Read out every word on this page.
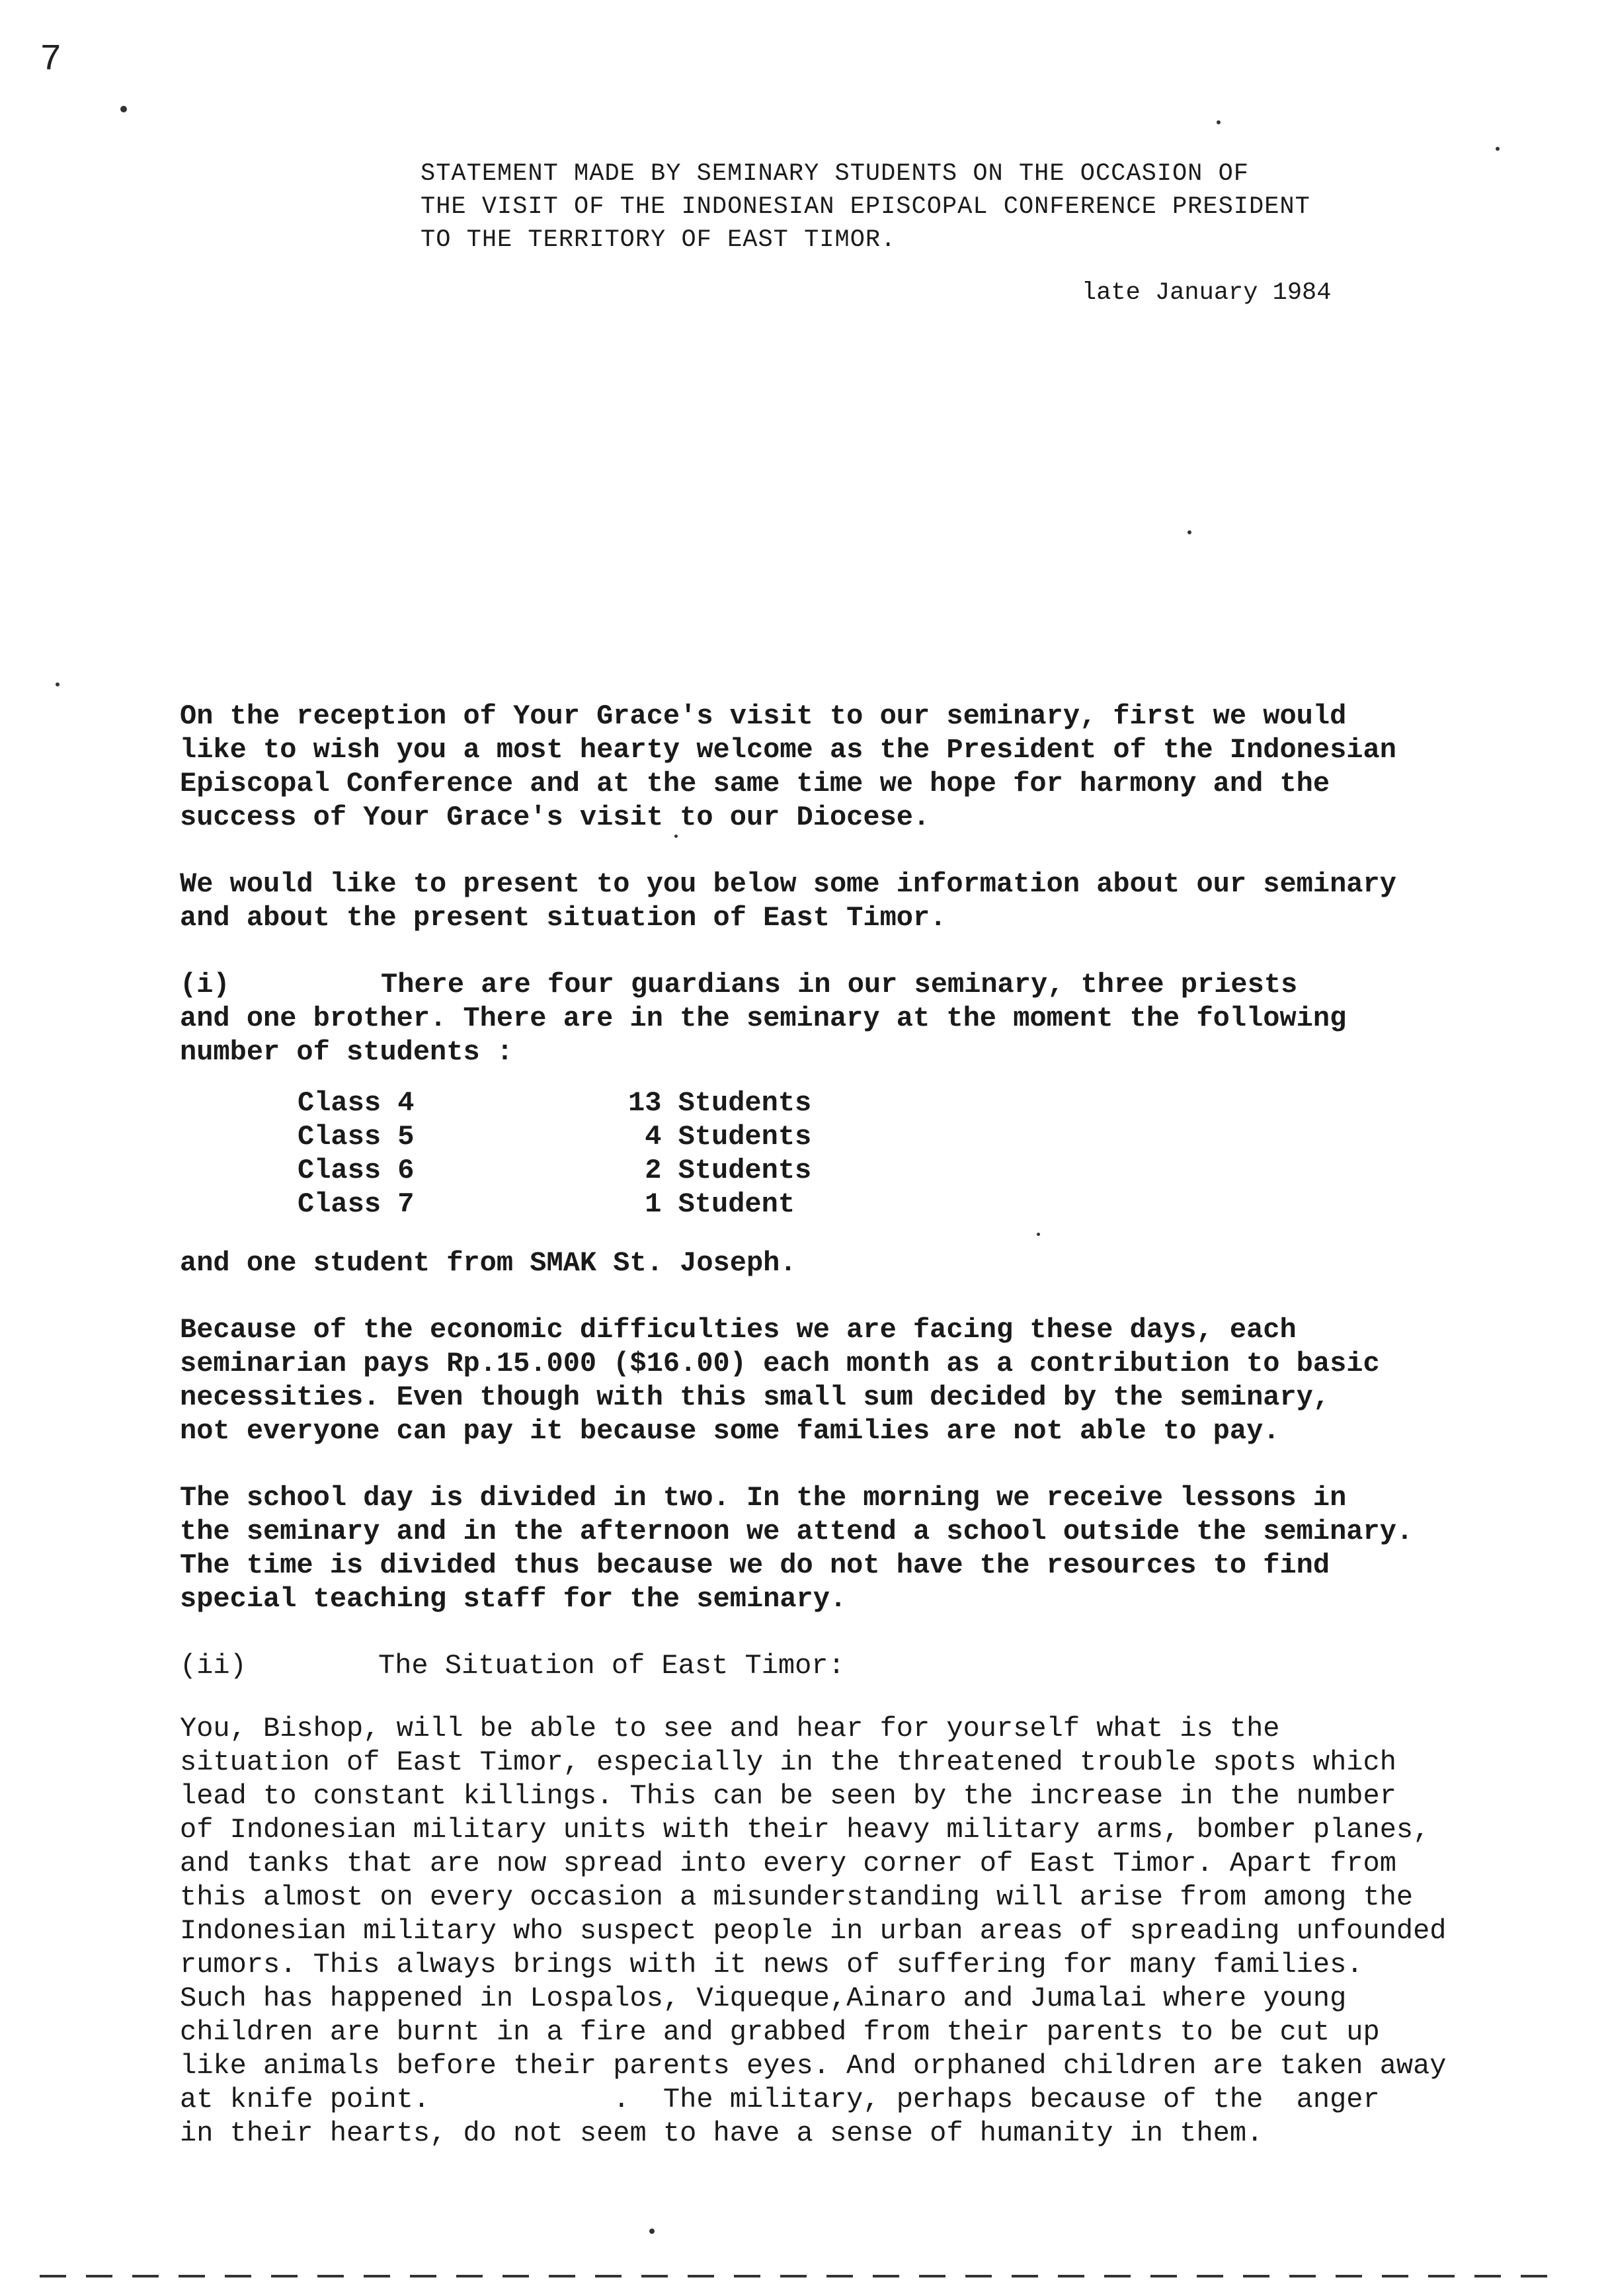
7
STATEMENT MADE BY SEMINARY STUDENTS ON THE OCCASION OF
THE VISIT OF THE INDONESIAN EPISCOPAL CONFERENCE PRESIDENT
TO THE TERRITORY OF EAST TIMOR.
late January 1984
On the reception of Your Grace's visit to our seminary, first we would
like to wish you a most hearty welcome as the President of the Indonesian
Episcopal Conference and at the same time we hope for harmony and the
success of Your Grace's visit to our Diocese.
We would like to present to you below some information about our seminary
and about the present situation of East Timor.
(i)	There are four guardians in our seminary, three priests
and one brother. There are in the seminary at the moment the following
number of students :
Class 4	13 Students
Class 5	4 Students
Class 6	2 Students
Class 7	1 Student
and one student from SMAK St. Joseph.
Because of the economic difficulties we are facing these days, each
seminarian pays Rp.15.000 ($16.00) each month as a contribution to basic
necessities. Even though with this small sum decided by the seminary,
not everyone can pay it because some families are not able to pay.
The school day is divided in two. In the morning we receive lessons in
the seminary and in the afternoon we attend a school outside the seminary.
The time is divided thus because we do not have the resources to find
special teaching staff for the seminary.
(ii)	The Situation of East Timor:
You, Bishop, will be able to see and hear for yourself what is the
situation of East Timor, especially in the threatened trouble spots which
lead to constant killings. This can be seen by the increase in the number
of Indonesian military units with their heavy military arms, bomber planes,
and tanks that are now spread into every corner of East Timor. Apart from
this almost on every occasion a misunderstanding will arise from among the
Indonesian military who suspect people in urban areas of spreading unfounded
rumors. This always brings with it news of suffering for many families.
Such has happened in Lospalos, Viqueque,Ainaro and Jumalai where young
children are burnt in a fire and grabbed from their parents to be cut up
like animals before their parents eyes. And orphaned children are taken away
at knife point.           .  The military, perhaps because of the  anger
in their hearts, do not seem to have a sense of humanity in them.
